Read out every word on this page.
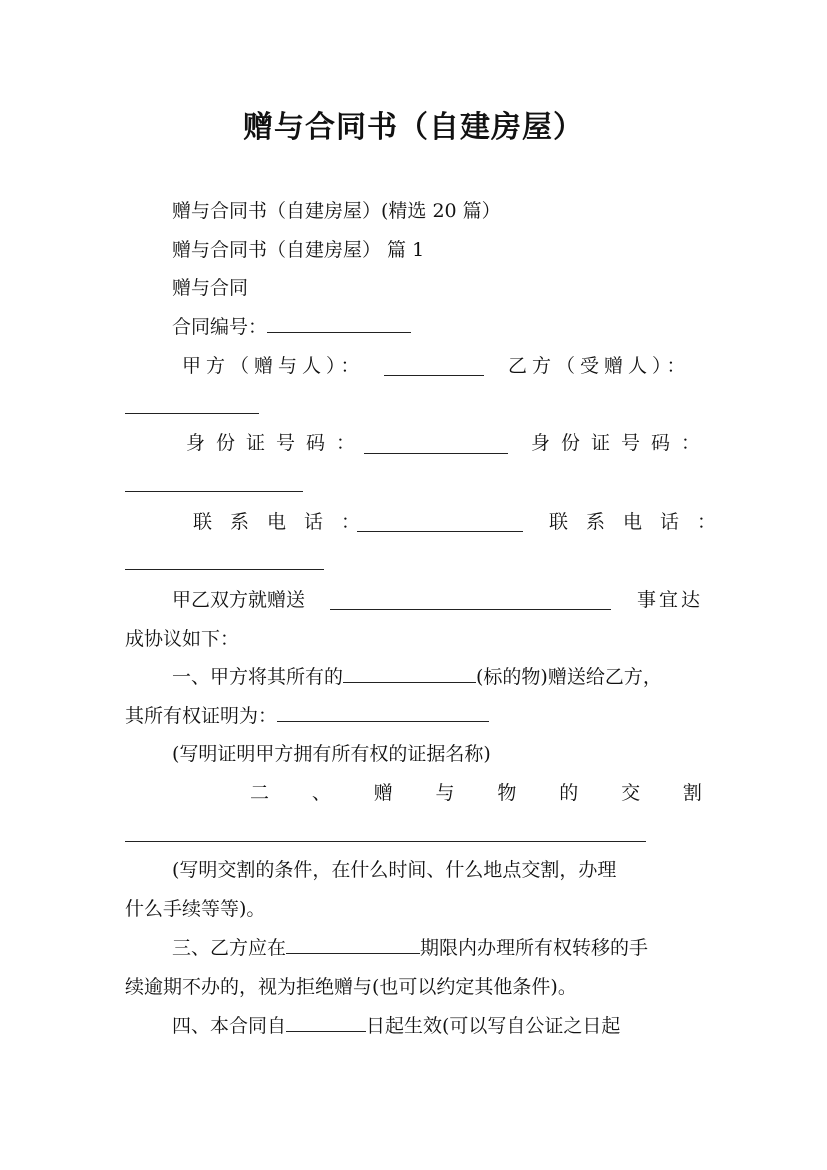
赠与合同书（自建房屋）
赠与合同书（自建房屋）(精选 20 篇）
赠与合同书（自建房屋） 篇 1
赠与合同
合同编号：
甲方（赠与人）：	乙方（受赠人）：
身份证号码：	身份证号码：
联系电话：	联系电话：
甲乙双方就赠送	事宜达
成协议如下：
一、甲方将其所有的	(标的物)赠送给乙方，
其所有权证明为：
(写明证明甲方拥有所有权的证据名称)
二 、 赠 与 物 的 交 割
(写明交割的条件，在什么时间、什么地点交割，办理
什么手续等等)。
三、乙方应在	期限内办理所有权转移的手
续逾期不办的，视为拒绝赠与(也可以约定其他条件)。
四、本合同自	日起生效(可以写自公证之日起
